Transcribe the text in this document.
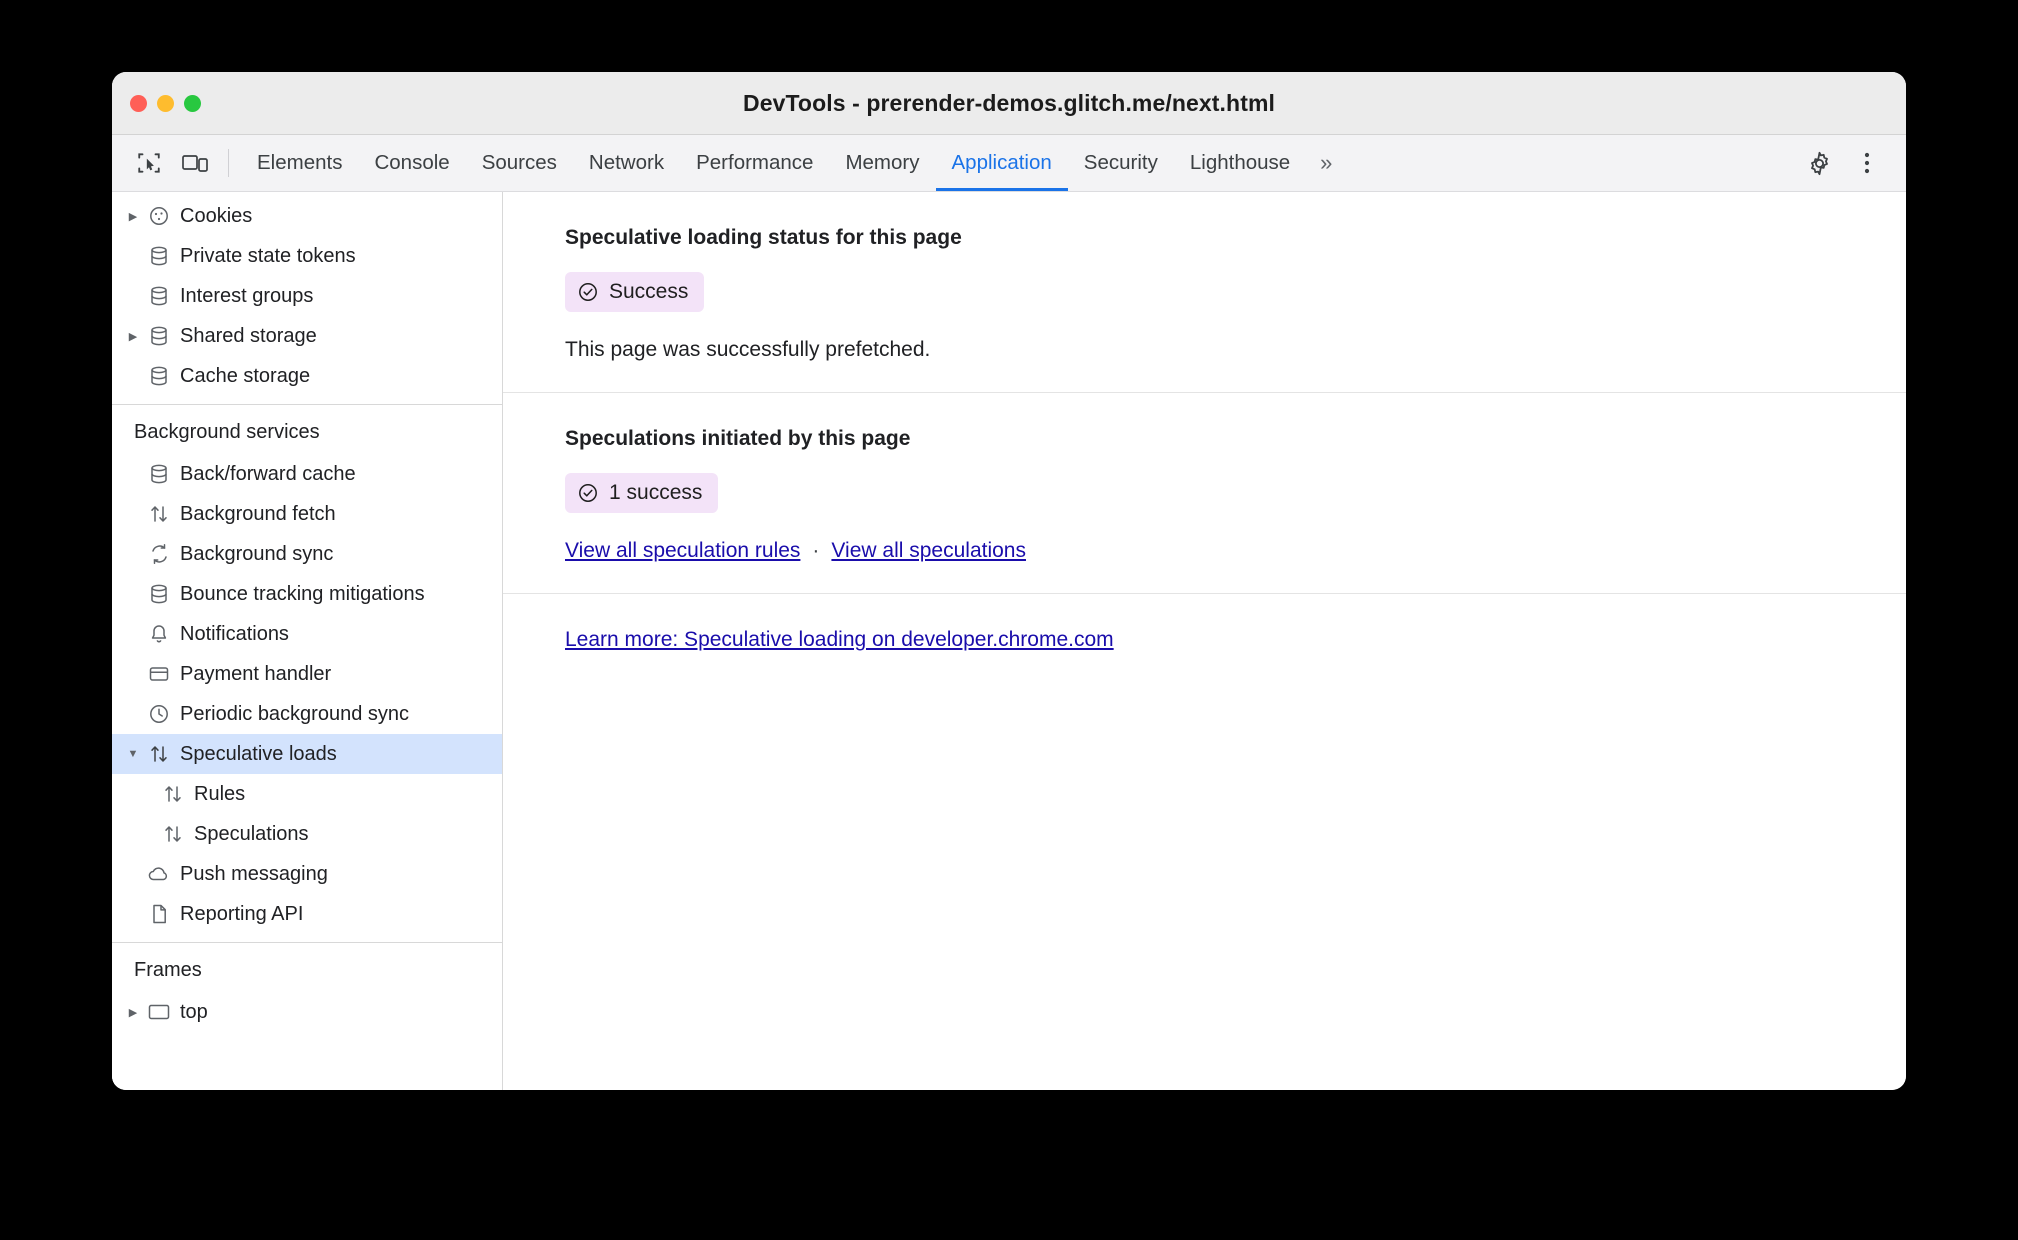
DevTools - prerender-demos.glitch.me/next.html
Elements	Console	Sources	Network	Performance	Memory	Application	Security	Lighthouse	»
▶	Cookies
Private state tokens
Interest groups
▶	Shared storage
Cache storage
Background services
Back/forward cache
Background fetch
Background sync
Bounce tracking mitigations
Notifications
Payment handler
Periodic background sync
▼ Speculative loads
Rules
Speculations
Push messaging
Reporting API
Frames
▶	top
Speculative loading status for this page
Success

This page was successfully prefetched.

Speculations initiated by this page
1 success
View all speculation rules · View all speculations
Learn more: Speculative loading on developer.chrome.com
